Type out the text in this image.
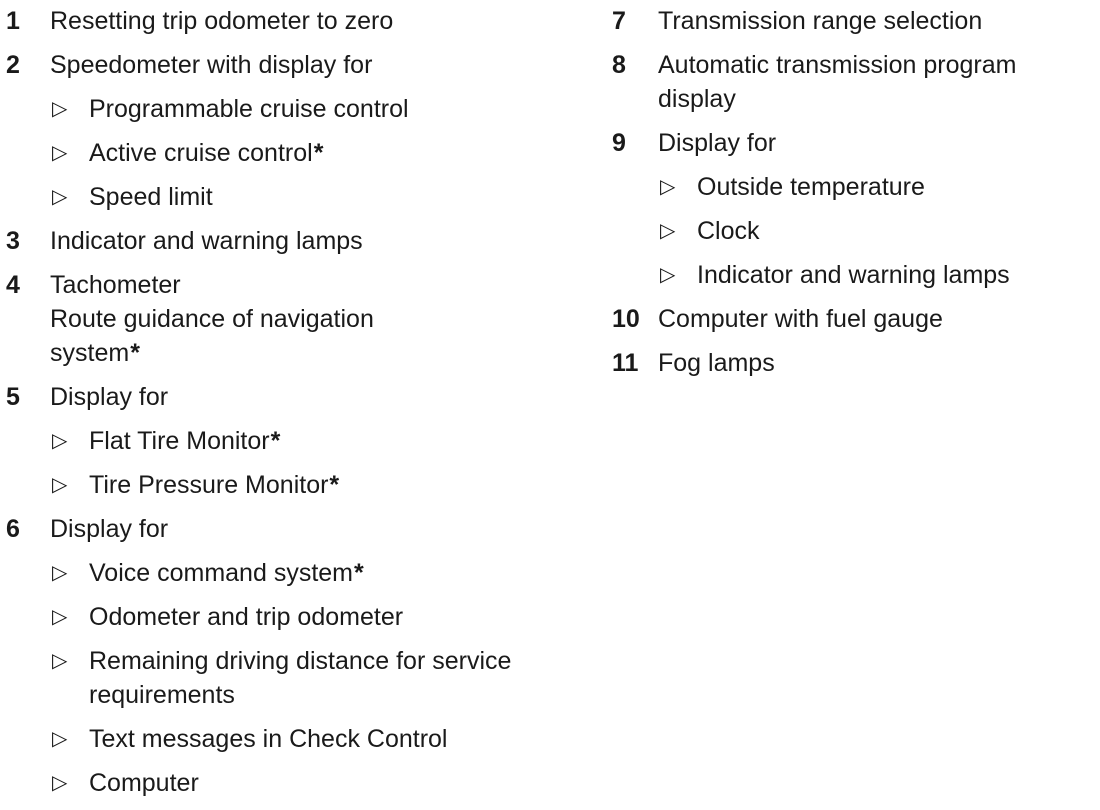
1 Resetting trip odometer to zero
2 Speedometer with display for
▷ Programmable cruise control
▷ Active cruise control*
▷ Speed limit
3 Indicator and warning lamps
4 Tachometer
Route guidance of navigation
system*
5 Display for
▷ Flat Tire Monitor*
▷ Tire Pressure Monitor*
6 Display for
▷ Voice command system*
▷ Odometer and trip odometer
▷ Remaining driving distance for service
requirements
▷ Text messages in Check Control
▷ Computer
7 Transmission range selection
8 Automatic transmission program
display
9 Display for
▷ Outside temperature
▷ Clock
▷ Indicator and warning lamps
10 Computer with fuel gauge
11 Fog lamps
